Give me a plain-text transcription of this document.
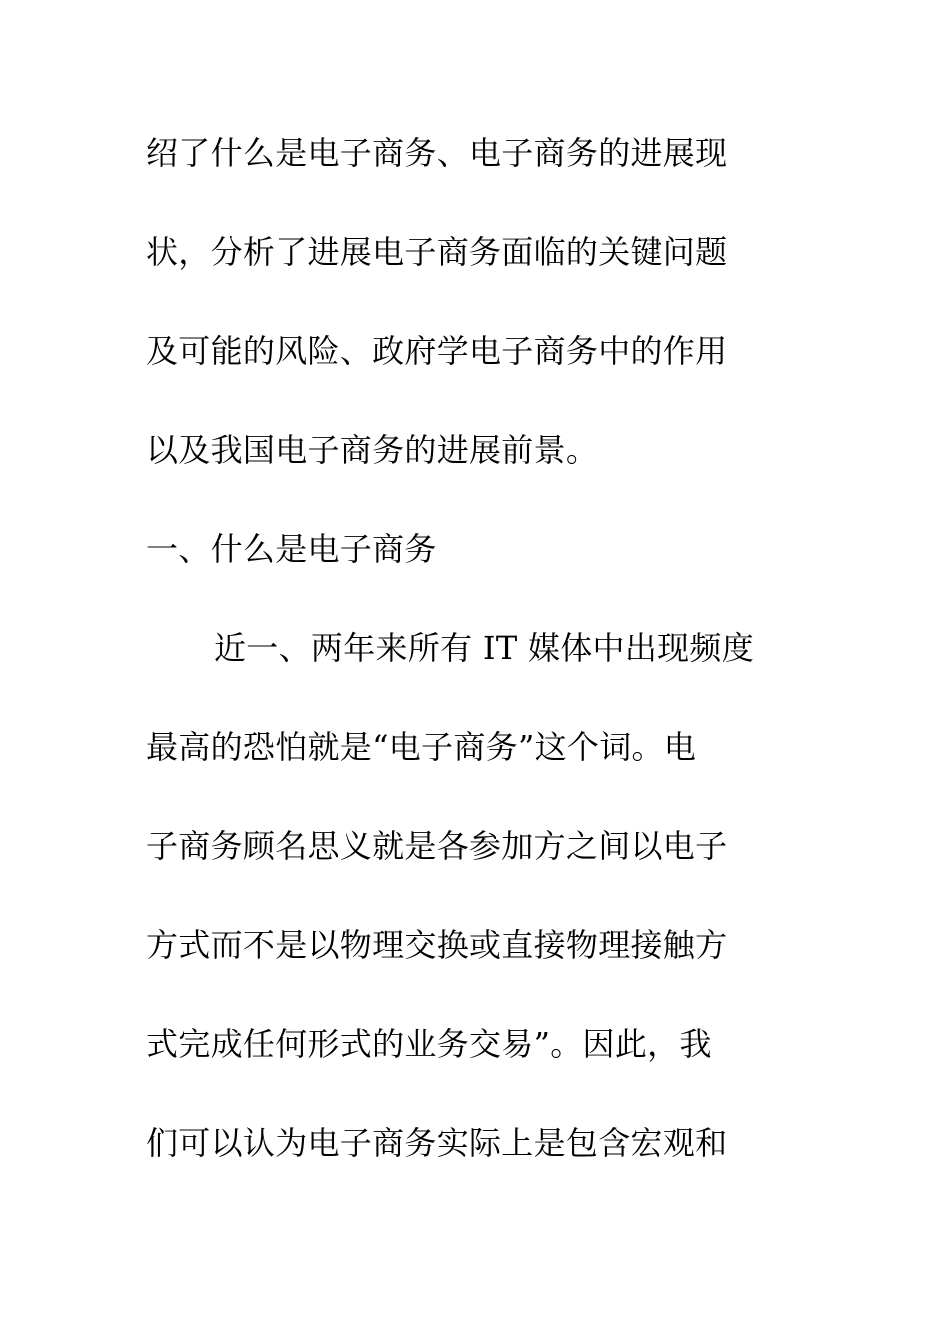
绍了什么是电子商务、电子商务的进展现
状，分析了进展电子商务面临的关键问题
及可能的风险、政府学电子商务中的作用
以及我国电子商务的进展前景。
一、什么是电子商务
近一、两年来所有 IT 媒体中出现频度
最高的恐怕就是“电子商务”这个词。电
子商务顾名思义就是各参加方之间以电子
方式而不是以物理交换或直接物理接触方
式完成任何形式的业务交易”。因此，我
们可以认为电子商务实际上是包含宏观和
